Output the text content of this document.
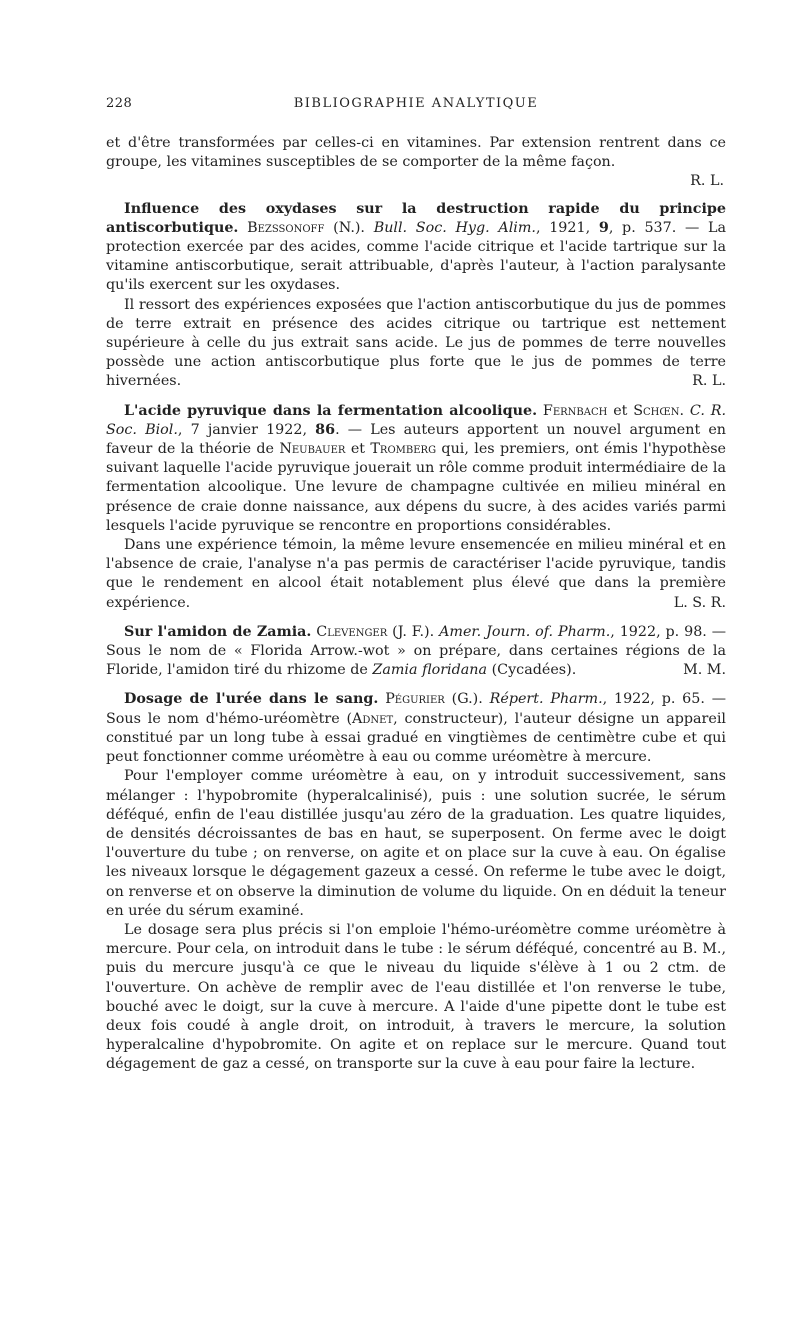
228	BIBLIOGRAPHIE ANALYTIQUE

et d'être transformées par celles-ci en vitamines. Par extension rentrent dans ce groupe, les vitamines susceptibles de se comporter de la même façon.

R. L.

Influence des oxydases sur la destruction rapide du principe antiscorbutique. Bezssonoff (N.). Bull. Soc. Hyg. Alim., 1921, 9, p. 537. — La protection exercée par des acides, comme l'acide citrique et l'acide tartrique sur la vitamine antiscorbutique, serait attribuable, d'après l'auteur, à l'action paralysante qu'ils exercent sur les oxydases.

Il ressort des expériences exposées que l'action antiscorbutique du jus de pommes de terre extrait en présence des acides citrique ou tartrique est nettement supérieure à celle du jus extrait sans acide. Le jus de pommes de terre nouvelles possède une action antiscorbutique plus forte que le jus de pommes de terre hivernées.	R. L.

L'acide pyruvique dans la fermentation alcoolique. Fernbach et Schœn. C. R. Soc. Biol., 7 janvier 1922, 86. — Les auteurs apportent un nouvel argument en faveur de la théorie de Neubauer et Tromberg qui, les premiers, ont émis l'hypothèse suivant laquelle l'acide pyruvique jouerait un rôle comme produit intermédiaire de la fermentation alcoolique. Une levure de champagne cultivée en milieu minéral en présence de craie donne naissance, aux dépens du sucre, à des acides variés parmi lesquels l'acide pyruvique se rencontre en proportions considérables.

Dans une expérience témoin, la même levure ensemencée en milieu minéral et en l'absence de craie, l'analyse n'a pas permis de caractériser l'acide pyruvique, tandis que le rendement en alcool était notablement plus élevé que dans la première expérience.	L. S. R.

Sur l'amidon de Zamia. Clevenger (J. F.). Amer. Journ. of. Pharm., 1922, p. 98. — Sous le nom de « Florida Arrow.-wot » on prépare, dans certaines régions de la Floride, l'amidon tiré du rhizome de Zamia floridana (Cycadées).	M. M.

Dosage de l'urée dans le sang. Pégurier (G.). Répert. Pharm., 1922, p. 65. — Sous le nom d'hémo-uréomètre (Adnet, constructeur), l'auteur désigne un appareil constitué par un long tube à essai gradué en vingtièmes de centimètre cube et qui peut fonctionner comme uréomètre à eau ou comme uréomètre à mercure.

Pour l'employer comme uréomètre à eau, on y introduit successivement, sans mélanger : l'hypobromite (hyperalcalinisé), puis : une solution sucrée, le sérum déféqué, enfin de l'eau distillée jusqu'au zéro de la graduation. Les quatre liquides, de densités décroissantes de bas en haut, se superposent. On ferme avec le doigt l'ouverture du tube ; on renverse, on agite et on place sur la cuve à eau. On égalise les niveaux lorsque le dégagement gazeux a cessé. On referme le tube avec le doigt, on renverse et on observe la diminution de volume du liquide. On en déduit la teneur en urée du sérum examiné.

Le dosage sera plus précis si l'on emploie l'hémo-uréomètre comme uréomètre à mercure. Pour cela, on introduit dans le tube : le sérum déféqué, concentré au B. M., puis du mercure jusqu'à ce que le niveau du liquide s'élève à 1 ou 2 ctm. de l'ouverture. On achève de remplir avec de l'eau distillée et l'on renverse le tube, bouché avec le doigt, sur la cuve à mercure. A l'aide d'une pipette dont le tube est deux fois coudé à angle droit, on introduit, à travers le mercure, la solution hyperalcaline d'hypobromite. On agite et on replace sur le mercure. Quand tout dégagement de gaz a cessé, on transporte sur la cuve à eau pour faire la lecture.
